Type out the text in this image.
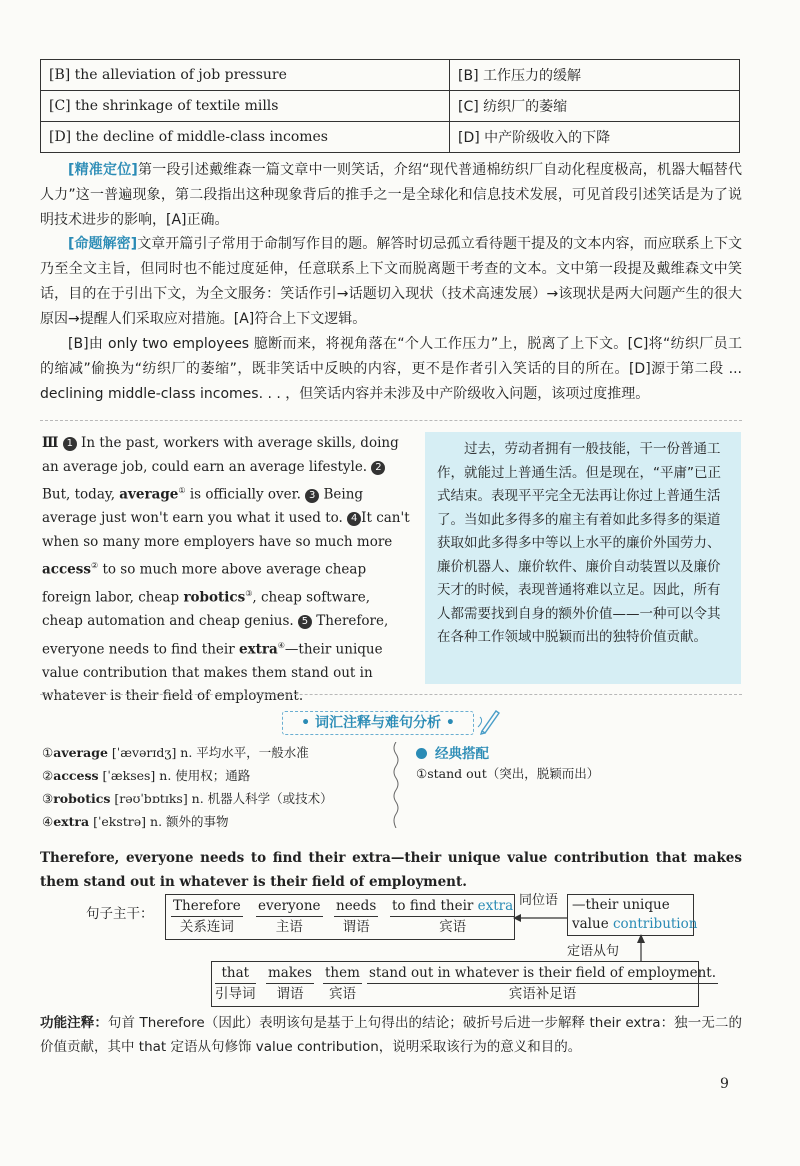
[B] the alleviation of job pressure	[B] 工作压力的缓解
[C] the shrinkage of textile mills	[C] 纺织厂的萎缩
[D] the decline of middle-class incomes	[D] 中产阶级收入的下降

[精准定位]第一段引述戴维森一篇文章中一则笑话，介绍“现代普通棉纺织厂自动化程度极高，机器大幅替代人力”这一普遍现象，第二段指出这种现象背后的推手之一是全球化和信息技术发展，可见首段引述笑话是为了说明技术进步的影响，[A]正确。

[命题解密]文章开篇引子常用于命制写作目的题。解答时切忌孤立看待题干提及的文本内容，而应联系上下文乃至全文主旨，但同时也不能过度延伸，任意联系上下文而脱离题干考查的文本。文中第一段提及戴维森文中笑话，目的在于引出下文，为全文服务：笑话作引→话题切入现状（技术高速发展）→该现状是两大问题产生的很大原因→提醒人们采取应对措施。[A]符合上下文逻辑。

[B]由 only two employees 臆断而来，将视角落在“个人工作压力”上，脱离了上下文。[C]将“纺织厂员工的缩减”偷换为“纺织厂的萎缩”，既非笑话中反映的内容，更不是作者引入笑话的目的所在。[D]源于第二段 ... declining middle-class incomes. . . ，但笑话内容并未涉及中产阶级收入问题，该项过度推理。

Ⅲ 1 In the past, workers with average skills, doing an average job, could earn an average lifestyle. 2 But, today, average① is officially over. 3 Being average just won't earn you what it used to. 4 It can't when so many more employers have so much more access② to so much more above average cheap foreign labor, cheap robotics③, cheap software, cheap automation and cheap genius. 5 Therefore, everyone needs to find their extra④—their unique value contribution that makes them stand out in whatever is their field of employment.

过去，劳动者拥有一般技能，干一份普通工作，就能过上普通生活。但是现在，“平庸”已正式结束。表现平平完全无法再让你过上普通生活了。当如此多得多的雇主有着如此多得多的渠道获取如此多得多中等以上水平的廉价外国劳力、廉价机器人、廉价软件、廉价自动装置以及廉价天才的时候，表现普通将难以立足。因此，所有人都需要找到自身的额外价值——一种可以令其在各种工作领域中脱颖而出的独特价值贡献。

• 词汇注释与难句分析 •
①average [ˈævərɪdʒ] n. 平均水平，一般水准
②access [ˈækses] n. 使用权；通路
③robotics [rəʊˈbɒtɪks] n. 机器人科学（或技术）
④extra [ˈekstrə] n. 额外的事物
经典搭配
①stand out（突出，脱颖而出）

Therefore, everyone needs to find their extra—their unique value contribution that makes them stand out in whatever is their field of employment.

句子主干： Therefore
关系连词
everyone
主语
needs
谓语
to find their extra
宾语
同位语 —their unique
value contribution
定语从句
that
引导词
makes
谓语
them
宾语
stand out in whatever is their field of employment.
宾语补足语

功能注释：句首 Therefore（因此）表明该句是基于上句得出的结论；破折号后进一步解释 their extra：独一无二的价值贡献，其中 that 定语从句修饰 value contribution，说明采取该行为的意义和目的。

9
